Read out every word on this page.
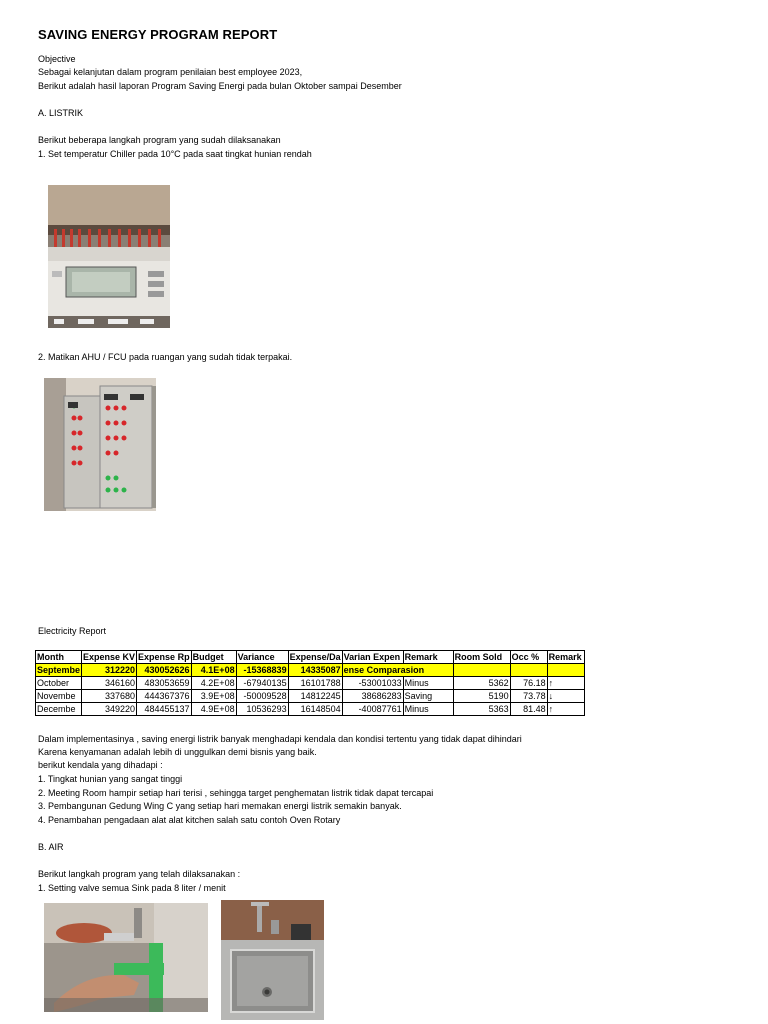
SAVING ENERGY PROGRAM REPORT
Objective
Sebagai kelanjutan dalam program penilaian best employee 2023,
Berikut adalah hasil laporan Program Saving Energi pada bulan Oktober sampai Desember
A. LISTRIK
Berikut beberapa langkah program yang sudah dilaksanakan
1. Set temperatur Chiller pada 10°C pada saat tingkat hunian rendah
2. Matikan AHU / FCU pada ruangan yang sudah tidak terpakai.
Electricity Report
Month	Expense KV	Expense Rp	Budget	Variance	Expense/Da	Varian Expen	Remark	Room Sold	Occ %	Remark
Septembe	312220	430052626	4.1E+08	-15368839	14335087	ense Comparasion				
October	346160	483053659	4.2E+08	-67940135	16101788	-53001033	Minus	5362	76.18	↑
Novembe	337680	444367376	3.9E+08	-50009528	14812245	38686283	Saving	5190	73.78	↓
Decembe	349220	484455137	4.9E+08	10536293	16148504	-40087761	Minus	5363	81.48	↑
Dalam implementasinya , saving energi listrik banyak menghadapi kendala dan kondisi tertentu yang tidak dapat dihindari
Karena kenyamanan adalah lebih di unggulkan demi bisnis yang baik.
berikut kendala yang dihadapi :
1. Tingkat hunian yang sangat tinggi
2. Meeting Room hampir setiap hari terisi , sehingga target penghematan listrik tidak dapat tercapai
3. Pembangunan Gedung Wing C yang setiap hari memakan energi listrik semakin banyak.
4. Penambahan pengadaan alat alat kitchen salah satu contoh Oven Rotary
B. AIR
Berikut langkah program yang telah dilaksanakan :
1. Setting valve semua Sink pada 8 liter / menit
